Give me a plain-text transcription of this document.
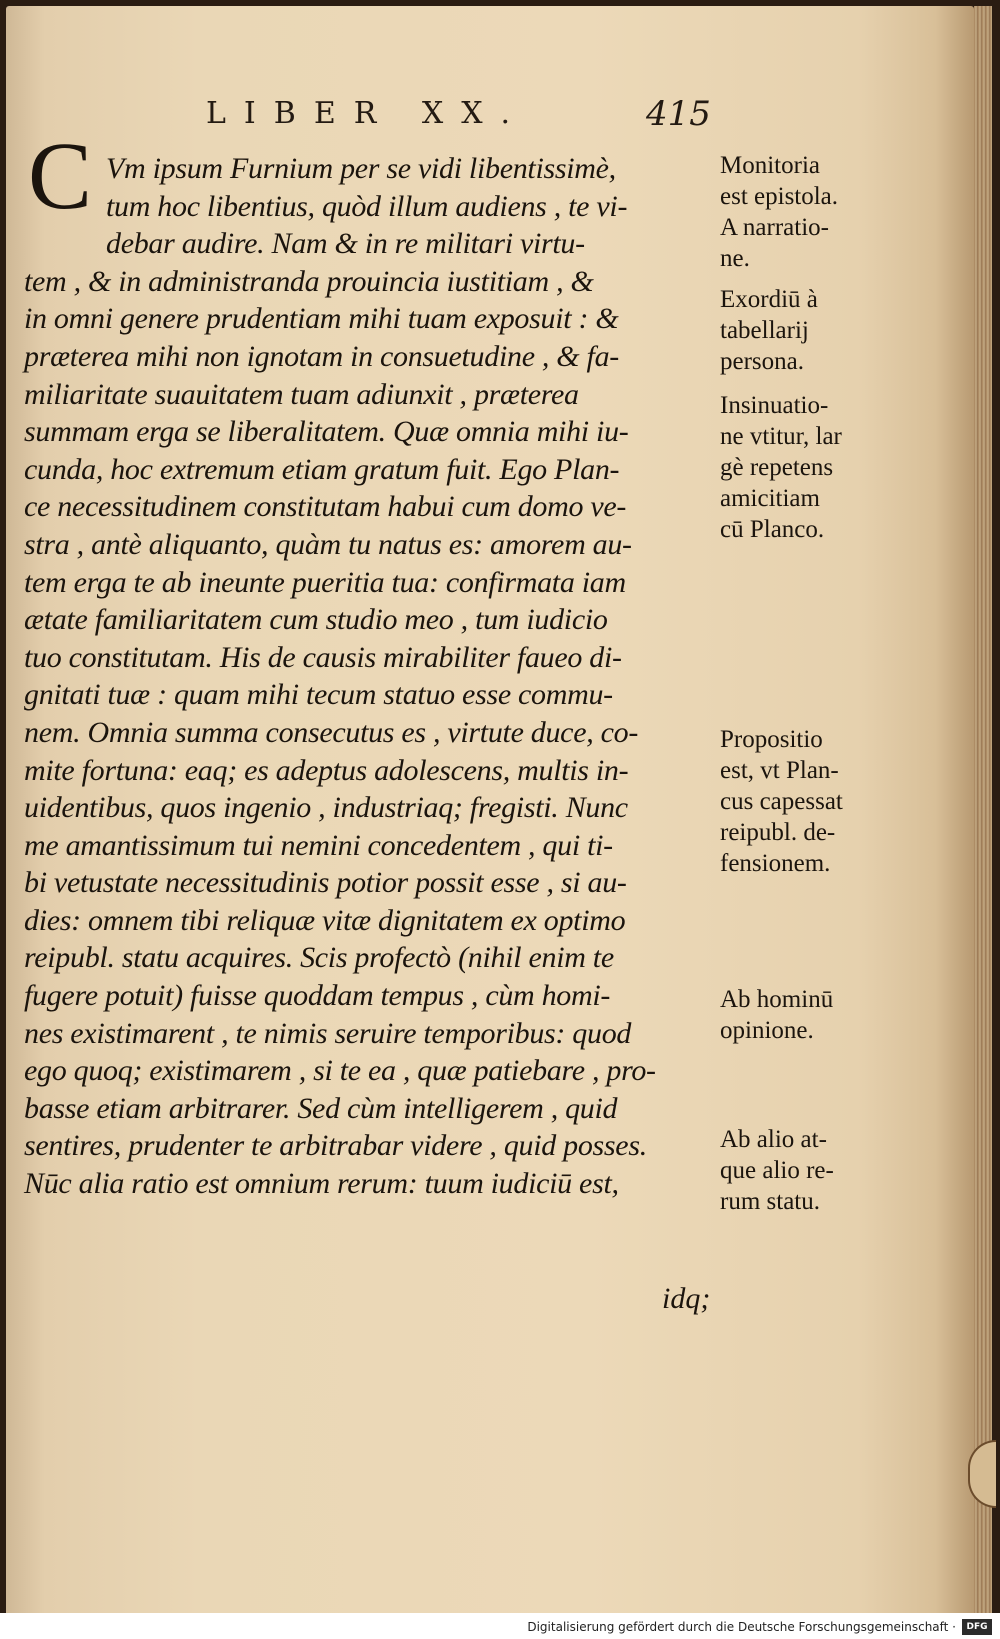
LIBER XX.	415
C Vm ipsum Furnium per se vidi libentissimè,
tum hoc libentius, quòd illum audiens , te vi-
debar audire. Nam & in re militari virtu-
tem , & in administranda prouincia iustitiam , &
in omni genere prudentiam mihi tuam exposuit : &
præterea mihi non ignotam in consuetudine , & fa-
miliaritate suauitatem tuam adiunxit , præterea
summam erga se liberalitatem. Quæ omnia mihi iu-
cunda, hoc extremum etiam gratum fuit. Ego Plan-
ce necessitudinem constitutam habui cum domo ve-
stra , antè aliquanto, quàm tu natus es: amorem au-
tem erga te ab ineunte pueritia tua: confirmata iam
ætate familiaritatem cum studio meo , tum iudicio
tuo constitutam. His de causis mirabiliter faueo di-
gnitati tuæ : quam mihi tecum statuo esse commu-
nem. Omnia summa consecutus es , virtute duce, co-
mite fortuna: eaq; es adeptus adolescens, multis in-
uidentibus, quos ingenio , industriaq; fregisti. Nunc
me amantissimum tui nemini concedentem , qui ti-
bi vetustate necessitudinis potior possit esse , si au-
dies: omnem tibi reliquæ vitæ dignitatem ex optimo
reipubl. statu acquires. Scis profectò (nihil enim te
fugere potuit) fuisse quoddam tempus , cùm homi-
nes existimarent , te nimis seruire temporibus: quod
ego quoq; existimarem , si te ea , quæ patiebare , pro-
basse etiam arbitrarer. Sed cùm intelligerem , quid
sentires, prudenter te arbitrabar videre , quid posses.
Nūc alia ratio est omnium rerum: tuum iudiciū est,
idq;
Monitoria
est epistola.
A narratio-
ne.
Exordiū à
tabellarij
persona.
Insinuatio-
ne vtitur, lar
gè repetens
amicitiam
cū Planco.
Propositio
est, vt Plan-
cus capessat
reipubl. de-
fensionem.
Ab hominū
opinione.
Ab alio at-
que alio re-
rum statu.
Digitalisierung gefördert durch die Deutsche Forschungsgemeinschaft ·	DFG
